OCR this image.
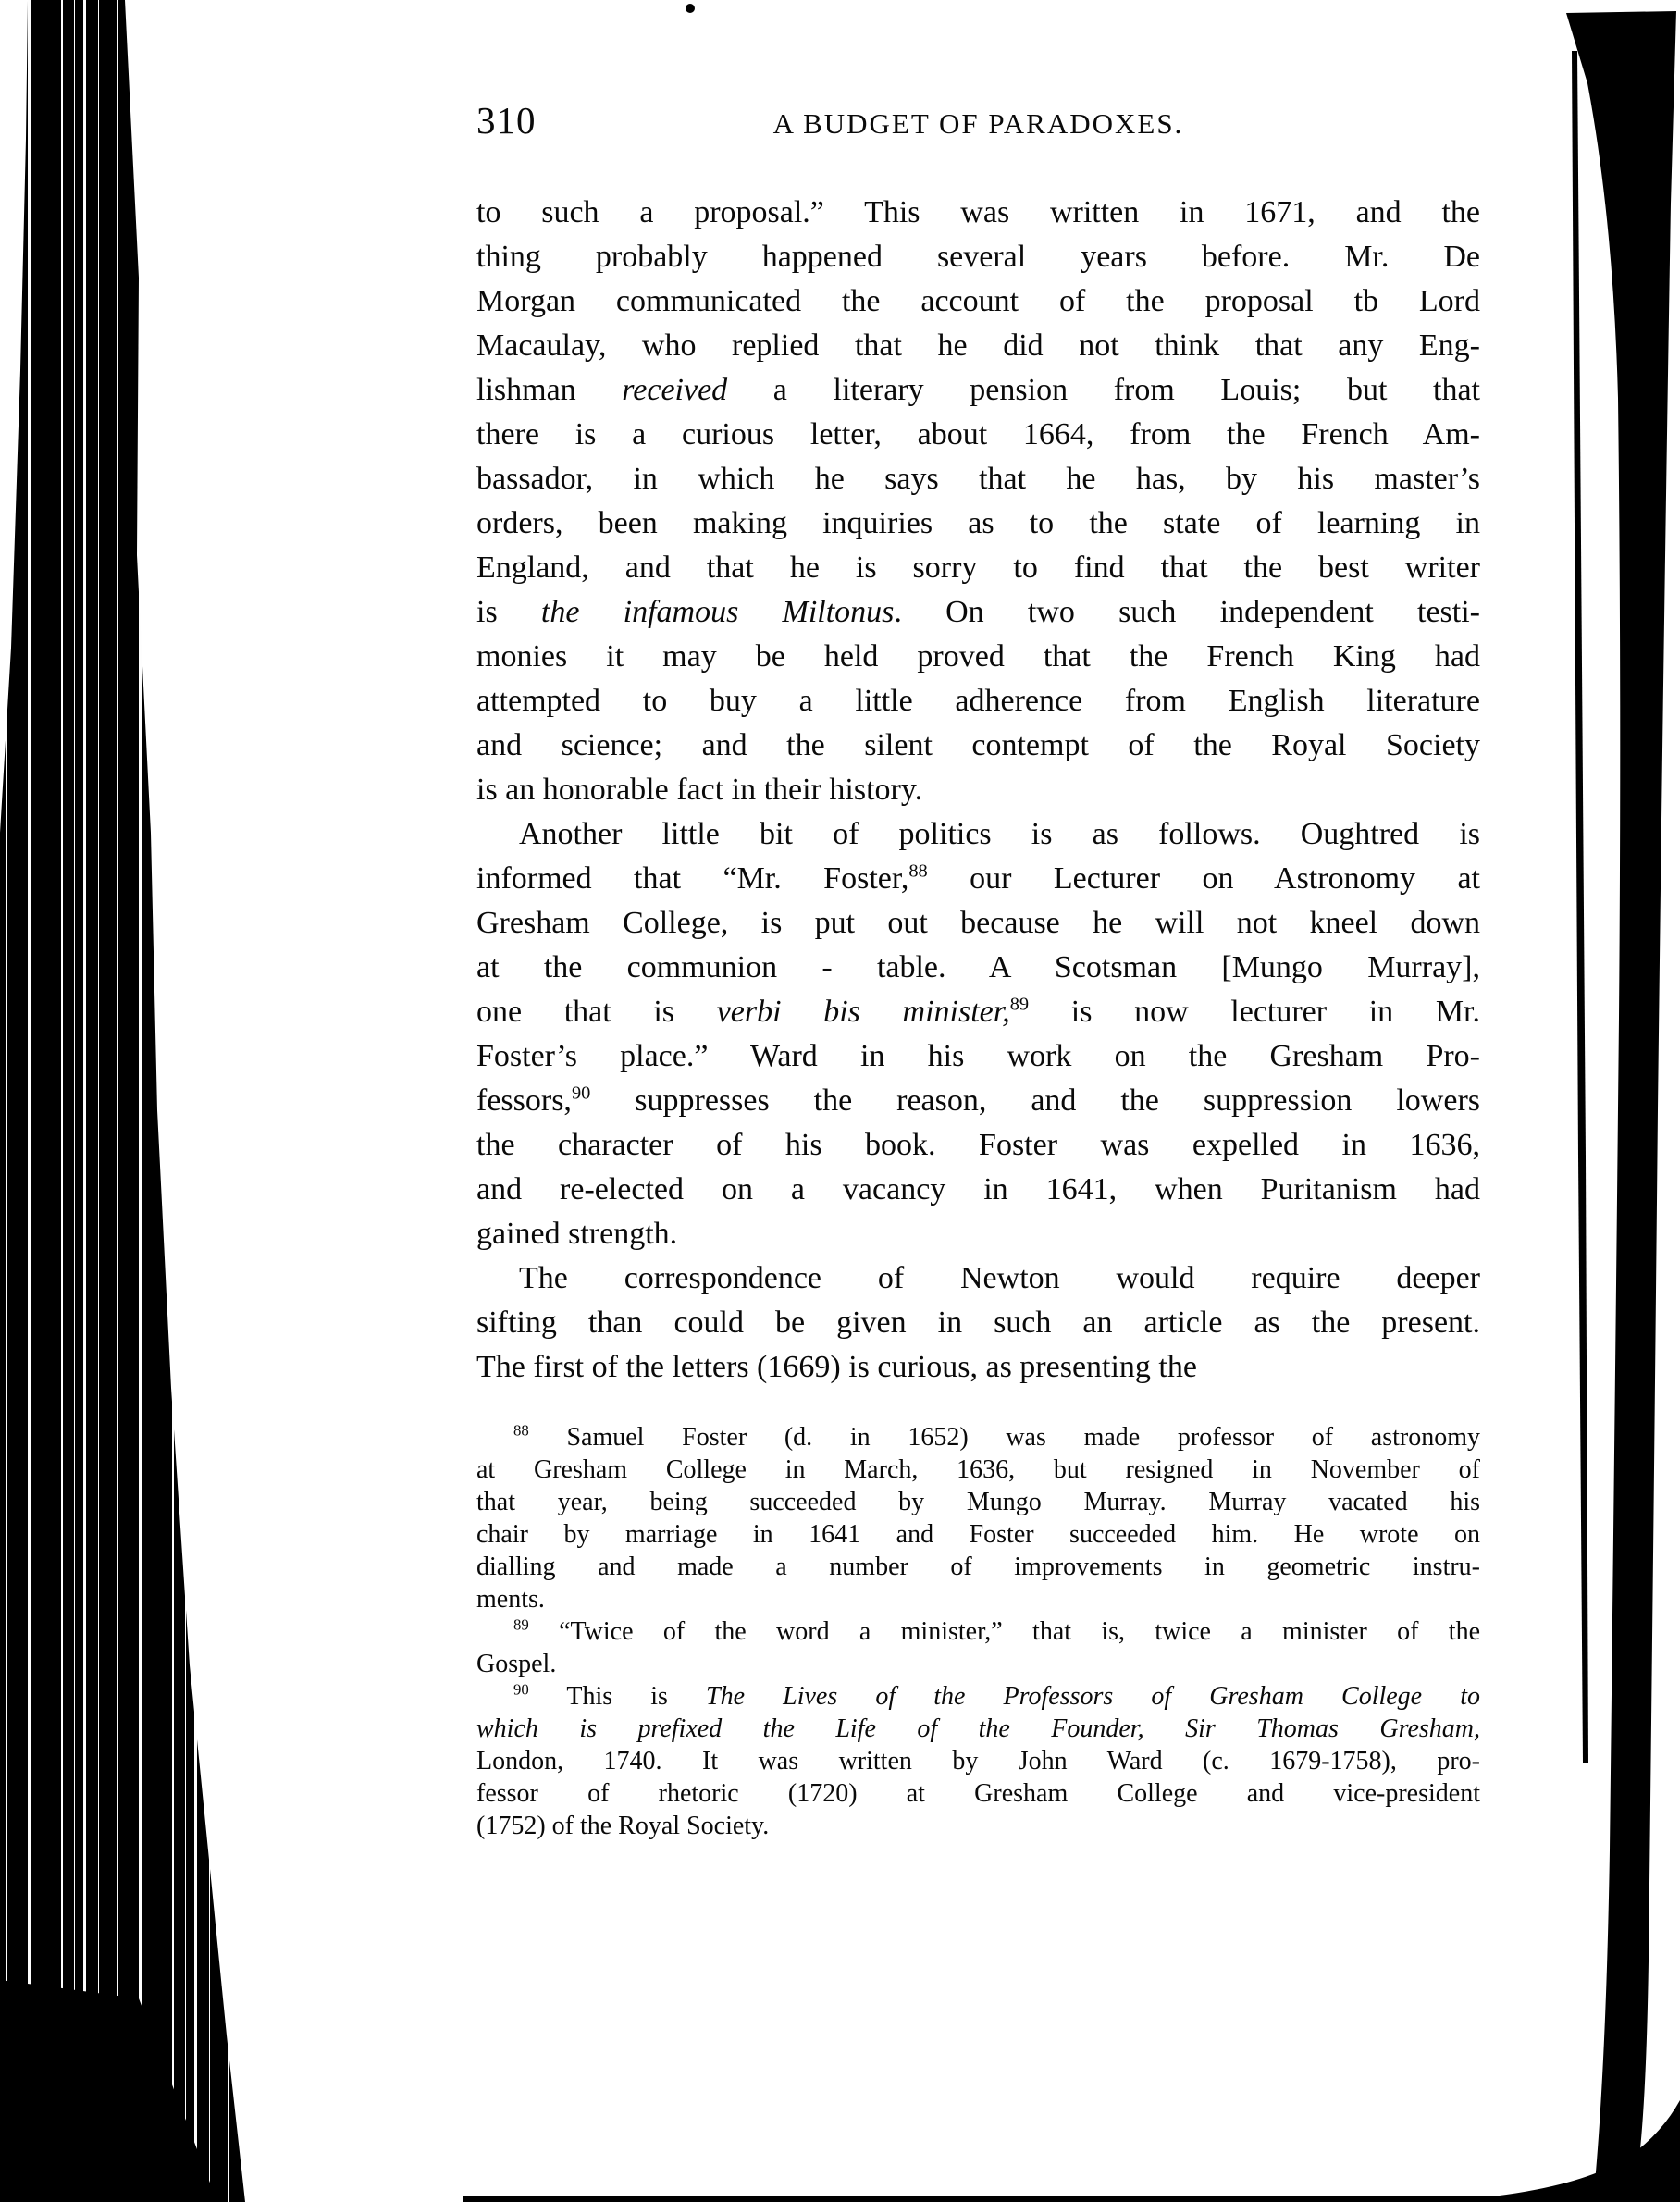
310	A BUDGET OF PARADOXES.
to such a proposal.” This was written in 1671, and the
thing probably happened several years before. Mr. De
Morgan communicated the account of the proposal tb Lord
Macaulay, who replied that he did not think that any Eng-
lishman received a literary pension from Louis; but that
there is a curious letter, about 1664, from the French Am-
bassador, in which he says that he has, by his master’s
orders, been making inquiries as to the state of learning in
England, and that he is sorry to find that the best writer
is the infamous Miltonus. On two such independent testi-
monies it may be held proved that the French King had
attempted to buy a little adherence from English literature
and science; and the silent contempt of the Royal Society
is an honorable fact in their history.
Another little bit of politics is as follows. Oughtred is
informed that “Mr. Foster,$^{88}$ our Lecturer on Astronomy at
Gresham College, is put out because he will not kneel down
at the communion - table. A Scotsman [Mungo Murray],
one that is verbi bis minister,$^{89}$ is now lecturer in Mr.
Foster’s place.” Ward in his work on the Gresham Pro-
fessors,$^{90}$ suppresses the reason, and the suppression lowers
the character of his book. Foster was expelled in 1636,
and re-elected on a vacancy in 1641, when Puritanism had
gained strength.
The correspondence of Newton would require deeper
sifting than could be given in such an article as the present.
The first of the letters (1669) is curious, as presenting the
$^{88}$ Samuel Foster (d. in 1652) was made professor of astronomy
at Gresham College in March, 1636, but resigned in November of
that year, being succeeded by Mungo Murray. Murray vacated his
chair by marriage in 1641 and Foster succeeded him. He wrote on
dialling and made a number of improvements in geometric instru-
ments.
$^{89}$ “Twice of the word a minister,” that is, twice a minister of the
Gospel.
$^{90}$ This is The Lives of the Professors of Gresham College to
which is prefixed the Life of the Founder, Sir Thomas Gresham,
London, 1740. It was written by John Ward (c. 1679-1758), pro-
fessor of rhetoric (1720) at Gresham College and vice-president
(1752) of the Royal Society.
